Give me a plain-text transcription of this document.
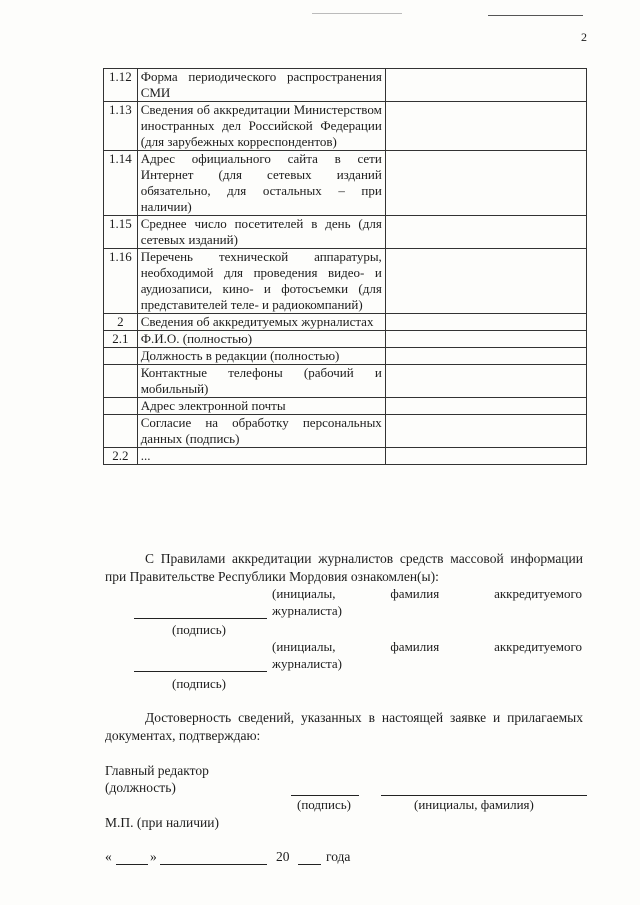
2
1.12	Форма периодического распространения СМИ	
1.13	Сведения об аккредитации Министерством иностранных дел Российской Федерации (для зарубежных корреспондентов)	
1.14	Адрес официального сайта в сети Интернет (для сетевых изданий обязательно, для остальных – при наличии)	
1.15	Среднее число посетителей в день (для сетевых изданий)	
1.16	Перечень технической аппаратуры, необходимой для проведения видео- и аудиозаписи, кино- и фотосъемки (для представителей теле- и радиокомпаний)	
2	Сведения об аккредитуемых журналистах	
2.1	Ф.И.О. (полностью)	
	Должность в редакции (полностью)	
	Контактные телефоны (рабочий и мобильный)	
	Адрес электронной почты	
	Согласие на обработку персональных данных (подпись)	
2.2	...	
С Правилами аккредитации журналистов средств массовой информации при Правительстве Республики Мордовия ознакомлен(ы):
(инициалы, фамилия аккредитуемого
журналиста)
(подпись)
(инициалы, фамилия аккредитуемого
журналиста)
(подпись)
Достоверность сведений, указанных в настоящей заявке и прилагаемых документах, подтверждаю:
Главный редактор
(должность)
(подпись)	(инициалы, фамилия)
М.П. (при наличии)
«	»	20	года
